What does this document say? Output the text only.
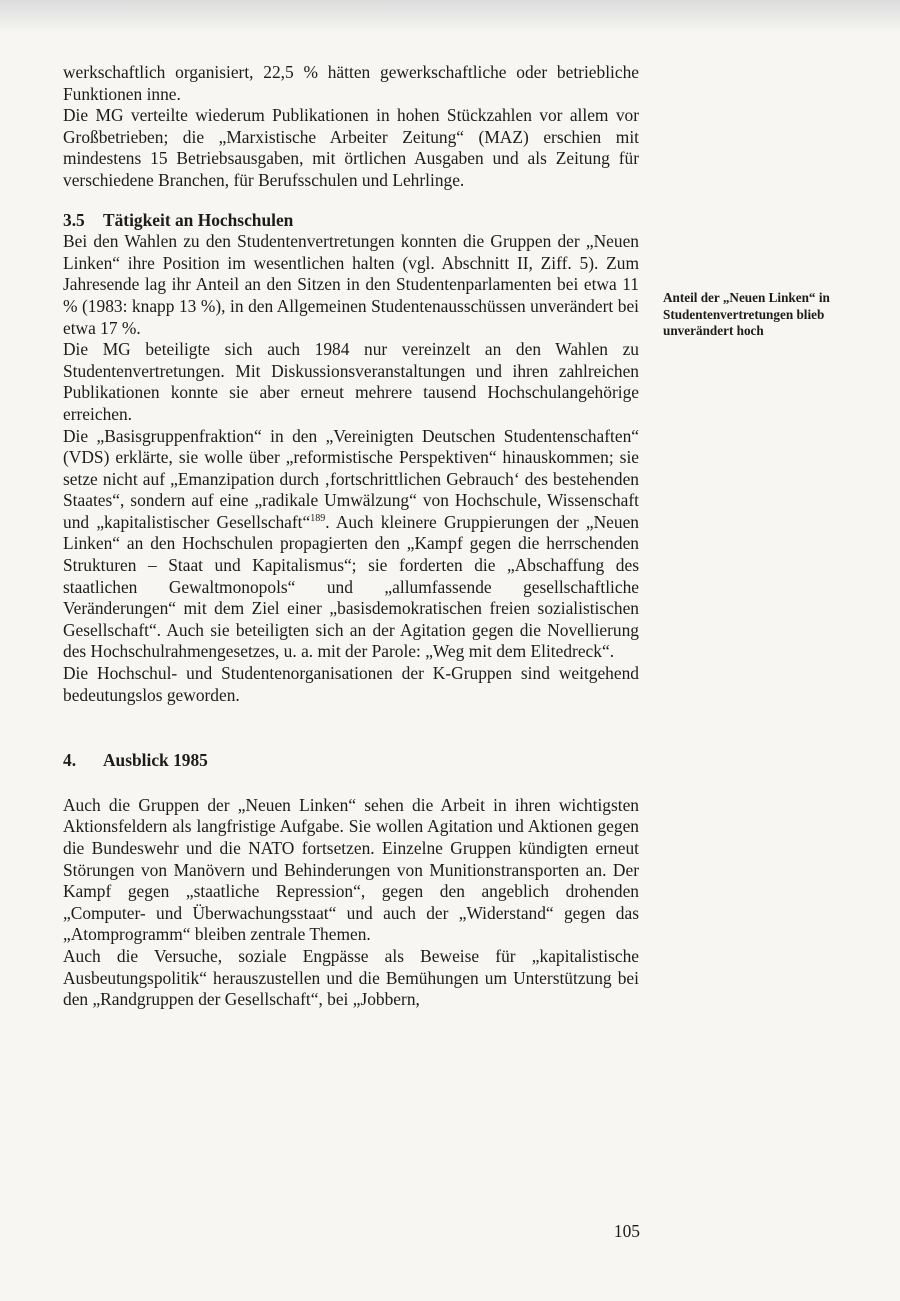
werkschaftlich organisiert, 22,5 % hätten gewerkschaftliche oder betriebliche Funktionen inne.

Die MG verteilte wiederum Publikationen in hohen Stückzahlen vor allem vor Großbetrieben; die „Marxistische Arbeiter Zeitung“ (MAZ) erschien mit mindestens 15 Betriebsausgaben, mit örtlichen Ausgaben und als Zeitung für verschiedene Branchen, für Berufsschulen und Lehrlinge.

3.5 Tätigkeit an Hochschulen

Bei den Wahlen zu den Studentenvertretungen konnten die Gruppen der „Neuen Linken“ ihre Position im wesentlichen halten (vgl. Abschnitt II, Ziff. 5). Zum Jahresende lag ihr Anteil an den Sitzen in den Studentenparlamenten bei etwa 11 % (1983: knapp 13 %), in den Allgemeinen Studentenausschüssen unverändert bei etwa 17 %.

Die MG beteiligte sich auch 1984 nur vereinzelt an den Wahlen zu Studentenvertretungen. Mit Diskussionsveranstaltungen und ihren zahlreichen Publikationen konnte sie aber erneut mehrere tausend Hochschulangehörige erreichen.

Die „Basisgruppenfraktion“ in den „Vereinigten Deutschen Studentenschaften“ (VDS) erklärte, sie wolle über „reformistische Perspektiven“ hinauskommen; sie setze nicht auf „Emanzipation durch ‚fortschrittlichen Gebrauch‘ des bestehenden Staates“, sondern auf eine „radikale Umwälzung“ von Hochschule, Wissenschaft und „kapitalistischer Gesellschaft“$^{189}$. Auch kleinere Gruppierungen der „Neuen Linken“ an den Hochschulen propagierten den „Kampf gegen die herrschenden Strukturen – Staat und Kapitalismus“; sie forderten die „Abschaffung des staatlichen Gewaltmonopols“ und „allumfassende gesellschaftliche Veränderungen“ mit dem Ziel einer „basisdemokratischen freien sozialistischen Gesellschaft“. Auch sie beteiligten sich an der Agitation gegen die Novellierung des Hochschulrahmengesetzes, u. a. mit der Parole: „Weg mit dem Elitedreck“.

Die Hochschul- und Studentenorganisationen der K-Gruppen sind weitgehend bedeutungslos geworden.

4. Ausblick 1985

Auch die Gruppen der „Neuen Linken“ sehen die Arbeit in ihren wichtigsten Aktionsfeldern als langfristige Aufgabe. Sie wollen Agitation und Aktionen gegen die Bundeswehr und die NATO fortsetzen. Einzelne Gruppen kündigten erneut Störungen von Manövern und Behinderungen von Munitionstransporten an. Der Kampf gegen „staatliche Repression“, gegen den angeblich drohenden „Computer- und Überwachungsstaat“ und auch der „Widerstand“ gegen das „Atomprogramm“ bleiben zentrale Themen.

Auch die Versuche, soziale Engpässe als Beweise für „kapitalistische Ausbeutungspolitik“ herauszustellen und die Bemühungen um Unterstützung bei den „Randgruppen der Gesellschaft“, bei „Jobbern,

Anteil der „Neuen Linken“ in Studentenvertretungen blieb unverändert hoch
105
